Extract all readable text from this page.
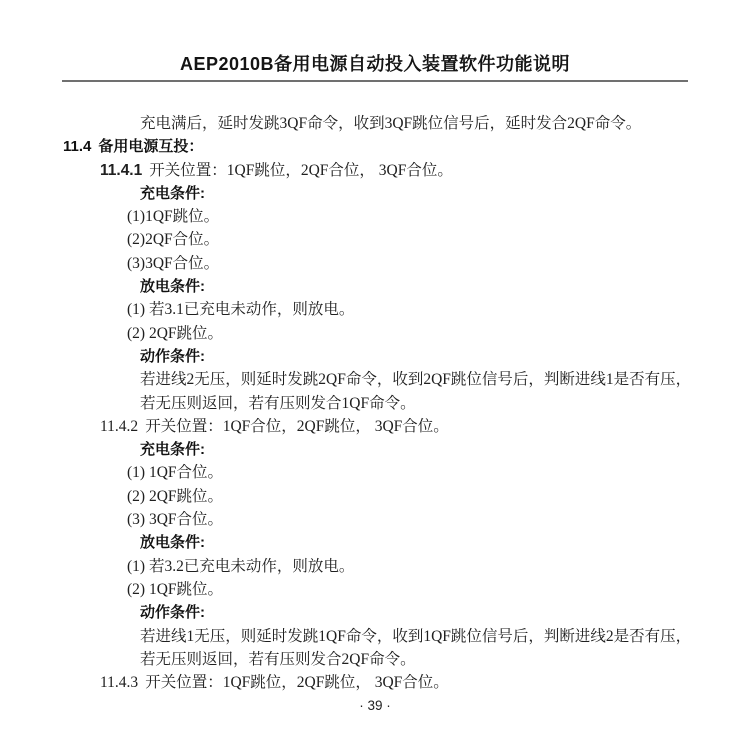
AEP2010B备用电源自动投入装置软件功能说明
充电满后，延时发跳3QF命令，收到3QF跳位信号后，延时发合2QF命令。
11.4 备用电源互投：
11.4.1 开关位置：1QF跳位，2QF合位， 3QF合位。
充电条件:
(1)1QF跳位。
(2)2QF合位。
(3)3QF合位。
放电条件:
(1) 若3.1已充电未动作，则放电。
(2) 2QF跳位。
动作条件:
若进线2无压，则延时发跳2QF命令，收到2QF跳位信号后，判断进线1是否有压，
若无压则返回，若有压则发合1QF命令。
11.4.2 开关位置：1QF合位，2QF跳位， 3QF合位。
充电条件:
(1) 1QF合位。
(2) 2QF跳位。
(3) 3QF合位。
放电条件:
(1) 若3.2已充电未动作，则放电。
(2) 1QF跳位。
动作条件:
若进线1无压，则延时发跳1QF命令，收到1QF跳位信号后，判断进线2是否有压，
若无压则返回，若有压则发合2QF命令。
11.4.3 开关位置：1QF跳位，2QF跳位， 3QF合位。
· 39 ·
